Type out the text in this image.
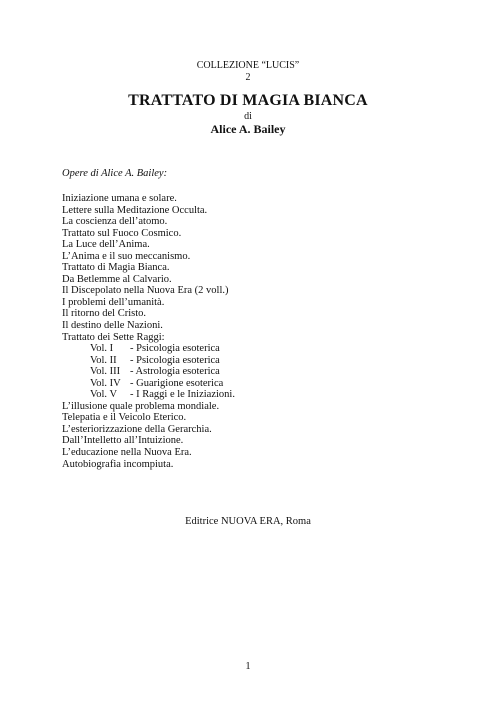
COLLEZIONE “LUCIS”

2

TRATTATO DI MAGIA BIANCA

di

Alice A. Bailey

Opere di Alice A. Bailey:

Iniziazione umana e solare.
Lettere sulla Meditazione Occulta.
La coscienza dell’atomo.
Trattato sul Fuoco Cosmico.
La Luce dell’Anima.
L’Anima e il suo meccanismo.
Trattato di Magia Bianca.
Da Betlemme al Calvario.
Il Discepolato nella Nuova Era (2 voll.)
I problemi dell’umanità.
Il ritorno del Cristo.
Il destino delle Nazioni.
Trattato dei Sette Raggi:
Vol. I - Psicologia esoterica
Vol. II - Psicologia esoterica
Vol. III - Astrologia esoterica
Vol. IV - Guarigione esoterica
Vol. V - I Raggi e le Iniziazioni.
L’illusione quale problema mondiale.
Telepatia e il Veicolo Eterico.
L’esteriorizzazione della Gerarchia.
Dall’Intelletto all’Intuizione.
L’educazione nella Nuova Era.
Autobiografia incompiuta.

Editrice NUOVA ERA, Roma

1
